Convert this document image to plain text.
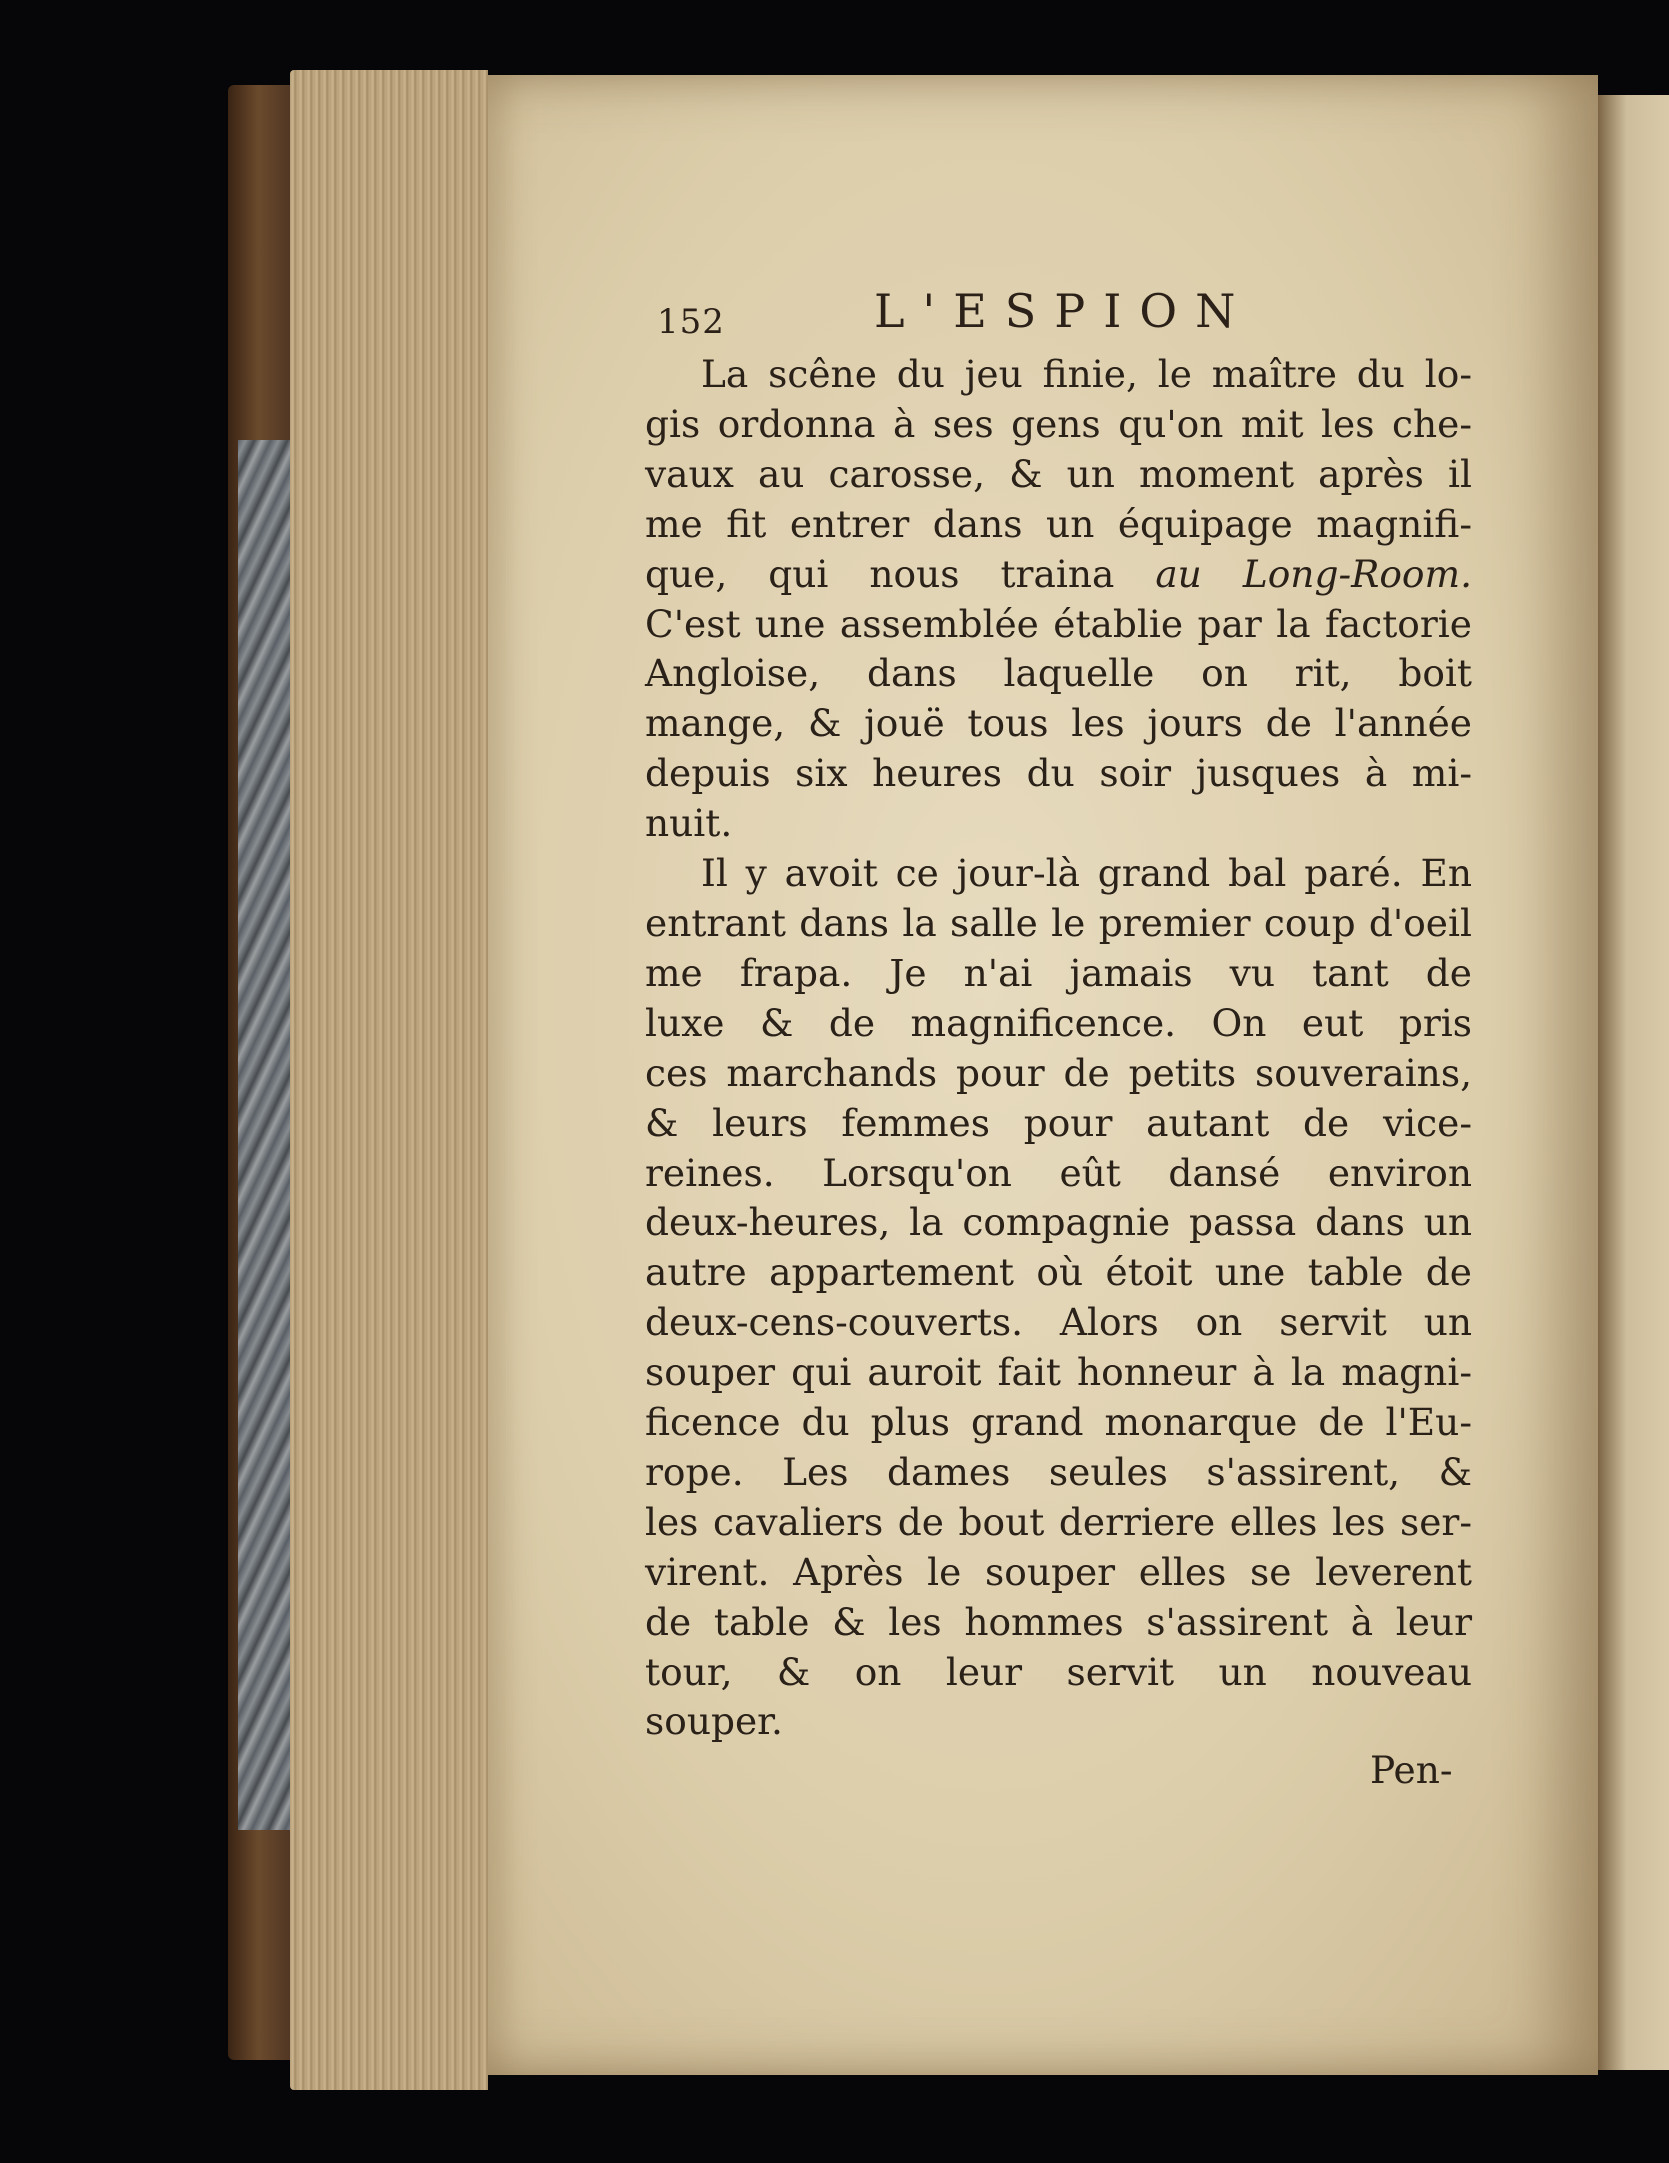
152	L'ESPION

La scêne du jeu finie, le maître du lo-
gis ordonna à ses gens qu'on mit les che-
vaux au carosse, & un moment après il
me fit entrer dans un équipage magnifi-
que, qui nous traina au Long-Room.
C'est une assemblée établie par la factorie
Angloise, dans laquelle on rit, boit
mange, & jouë tous les jours de l'année
depuis six heures du soir jusques à mi-
nuit.

Il y avoit ce jour-là grand bal paré. En
entrant dans la salle le premier coup d'oeil
me frapa. Je n'ai jamais vu tant de
luxe & de magnificence. On eut pris
ces marchands pour de petits souverains,
& leurs femmes pour autant de vice-
reines. Lorsqu'on eût dansé environ
deux-heures, la compagnie passa dans un
autre appartement où étoit une table de
deux-cens-couverts. Alors on servit un
souper qui auroit fait honneur à la magni-
ficence du plus grand monarque de l'Eu-
rope. Les dames seules s'assirent, &
les cavaliers de bout derriere elles les ser-
virent. Après le souper elles se leverent
de table & les hommes s'assirent à leur
tour, & on leur servit un nouveau
souper.

Pen-
